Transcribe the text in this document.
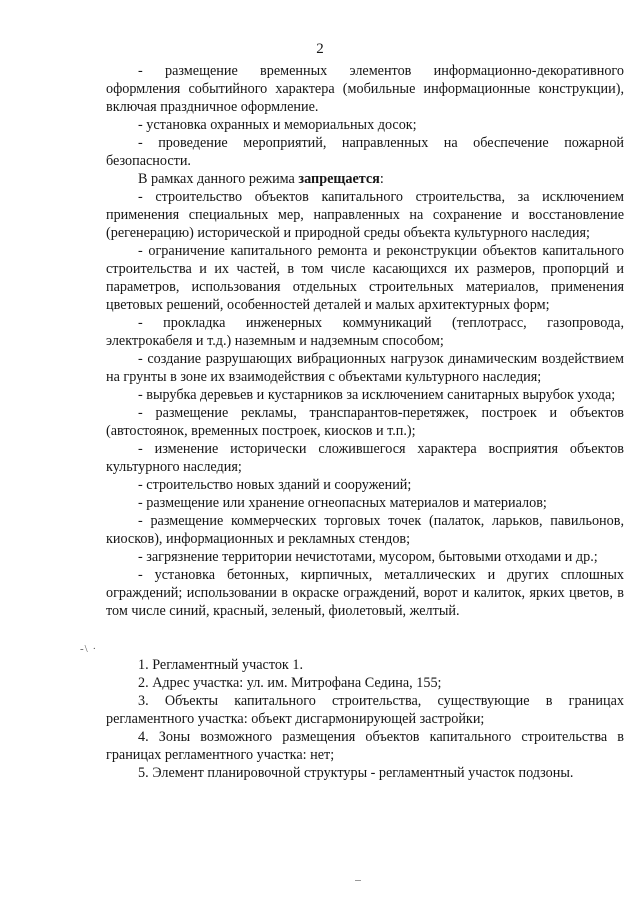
2

- размещение временных элементов информационно-декоративного оформления событийного характера (мобильные информационные конструкции), включая праздничное оформление.

- установка охранных и мемориальных досок;

- проведение мероприятий, направленных на обеспечение пожарной безопасности.

В рамках данного режима запрещается:

- строительство объектов капитального строительства, за исключением применения специальных мер, направленных на сохранение и восстановление (регенерацию) исторической и природной среды объекта культурного наследия;

- ограничение капитального ремонта и реконструкции объектов капитального строительства и их частей, в том числе касающихся их размеров, пропорций и параметров, использования отдельных строительных материалов, применения цветовых решений, особенностей деталей и малых архитектурных форм;

- прокладка инженерных коммуникаций (теплотрасс, газопровода, электрокабеля и т.д.) наземным и надземным способом;

- создание разрушающих вибрационных нагрузок динамическим воздействием на грунты в зоне их взаимодействия с объектами культурного наследия;

- вырубка деревьев и кустарников за исключением санитарных вырубок ухода;

- размещение рекламы, транспарантов-перетяжек, построек и объектов (автостоянок, временных построек, киосков и т.п.);

- изменение исторически сложившегося характера восприятия объектов культурного наследия;

- строительство новых зданий и сооружений;

- размещение или хранение огнеопасных материалов и материалов;

- размещение коммерческих торговых точек (палаток, ларьков, павильонов, киосков), информационных и рекламных стендов;

- загрязнение территории нечистотами, мусором, бытовыми отходами и др.;

- установка бетонных, кирпичных, металлических и других сплошных ограждений; использовании в окраске ограждений, ворот и калиток, ярких цветов, в том числе синий, красный, зеленый, фиолетовый, желтый.

1. Регламентный участок 1.

2. Адрес участка: ул. им. Митрофана Седина, 155;

3. Объекты капитального строительства, существующие в границах регламентного участка: объект дисгармонирующей застройки;

4. Зоны возможного размещения объектов капитального строительства в границах регламентного участка: нет;

5. Элемент планировочной структуры - регламентный участок подзоны.

-\ ·
